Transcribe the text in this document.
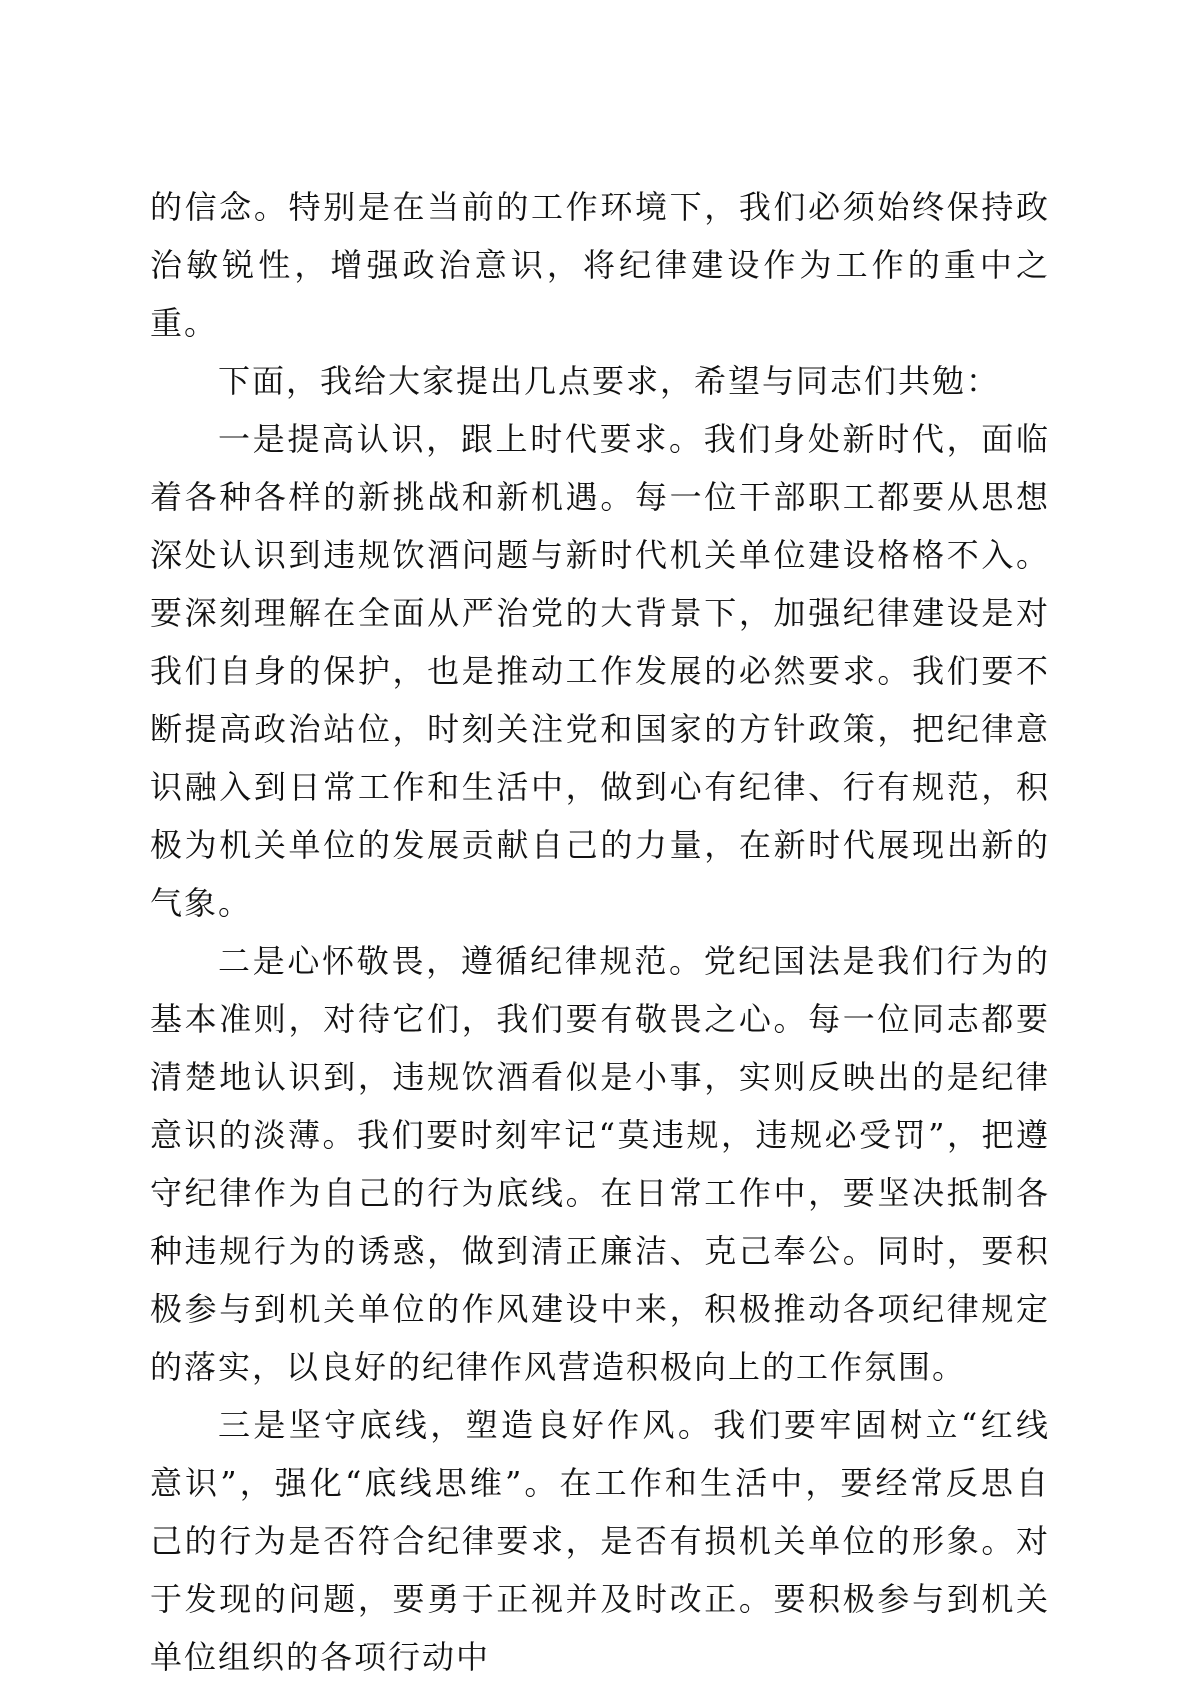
的信念。特别是在当前的工作环境下，我们必须始终保持政治敏锐性，增强政治意识，将纪律建设作为工作的重中之重。

下面，我给大家提出几点要求，希望与同志们共勉：

一是提高认识，跟上时代要求。我们身处新时代，面临着各种各样的新挑战和新机遇。每一位干部职工都要从思想深处认识到违规饮酒问题与新时代机关单位建设格格不入。要深刻理解在全面从严治党的大背景下，加强纪律建设是对我们自身的保护，也是推动工作发展的必然要求。我们要不断提高政治站位，时刻关注党和国家的方针政策，把纪律意识融入到日常工作和生活中，做到心有纪律、行有规范，积极为机关单位的发展贡献自己的力量，在新时代展现出新的气象。

二是心怀敬畏，遵循纪律规范。党纪国法是我们行为的基本准则，对待它们，我们要有敬畏之心。每一位同志都要清楚地认识到，违规饮酒看似是小事，实则反映出的是纪律意识的淡薄。我们要时刻牢记“莫违规，违规必受罚”，把遵守纪律作为自己的行为底线。在日常工作中，要坚决抵制各种违规行为的诱惑，做到清正廉洁、克己奉公。同时，要积极参与到机关单位的作风建设中来，积极推动各项纪律规定的落实，以良好的纪律作风营造积极向上的工作氛围。

三是坚守底线，塑造良好作风。我们要牢固树立“红线意识”，强化“底线思维”。在工作和生活中，要经常反思自己的行为是否符合纪律要求，是否有损机关单位的形象。对于发现的问题，要勇于正视并及时改正。要积极参与到机关单位组织的各项行动中
